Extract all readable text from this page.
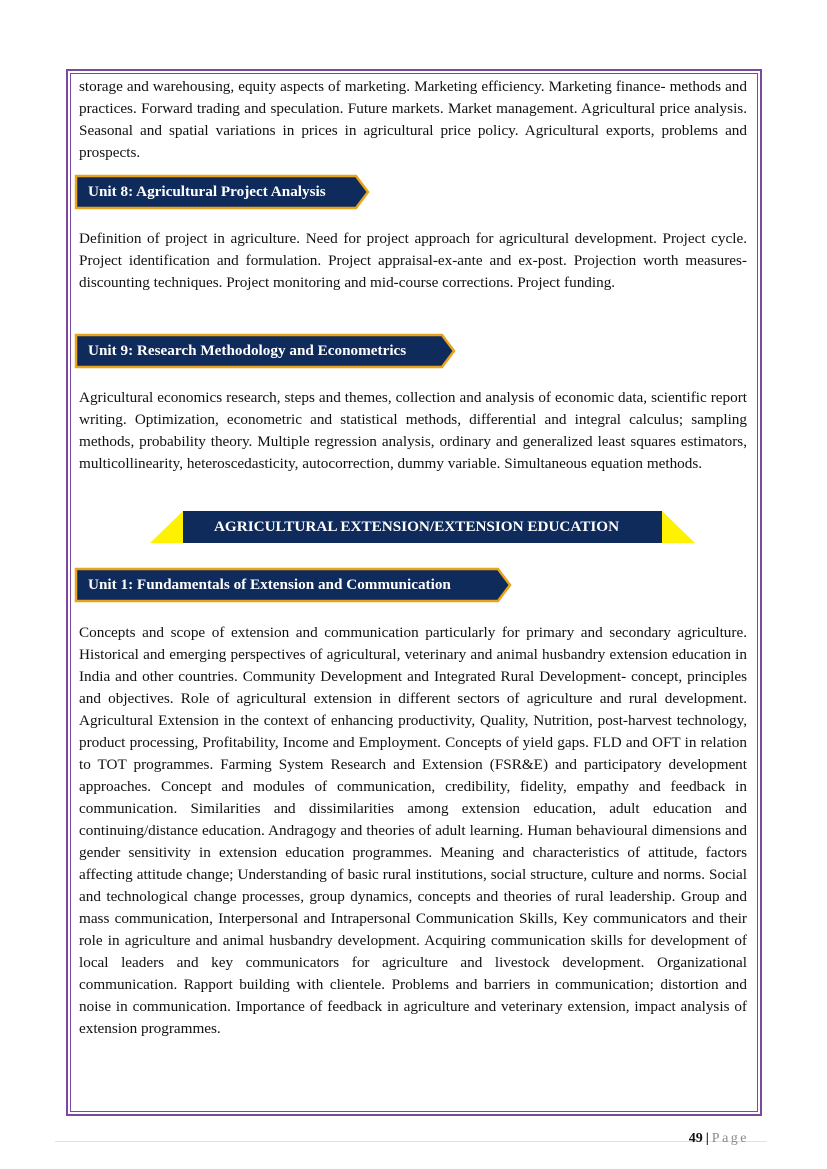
storage and warehousing, equity aspects of marketing. Marketing efficiency. Marketing finance- methods and practices. Forward trading and speculation. Future markets. Market management. Agricultural price analysis. Seasonal and spatial variations in prices in agricultural price policy. Agricultural exports, problems and prospects.

Unit 8: Agricultural Project Analysis

Definition of project in agriculture. Need for project approach for agricultural development. Project cycle. Project identification and formulation. Project appraisal-ex-ante and ex-post. Projection worth measures-discounting techniques. Project monitoring and mid-course corrections. Project funding.

Unit 9: Research Methodology and Econometrics

Agricultural economics research, steps and themes, collection and analysis of economic data, scientific report writing. Optimization, econometric and statistical methods, differential and integral calculus; sampling methods, probability theory. Multiple regression analysis, ordinary and generalized least squares estimators, multicollinearity, heteroscedasticity, autocorrection, dummy variable. Simultaneous equation methods.

AGRICULTURAL EXTENSION/EXTENSION EDUCATION
Unit 1: Fundamentals of Extension and Communication

Concepts and scope of extension and communication particularly for primary and secondary agriculture. Historical and emerging perspectives of agricultural, veterinary and animal husbandry extension education in India and other countries. Community Development and Integrated Rural Development- concept, principles and objectives. Role of agricultural extension in different sectors of agriculture and rural development. Agricultural Extension in the context of enhancing productivity, Quality, Nutrition, post-harvest technology, product processing, Profitability, Income and Employment. Concepts of yield gaps. FLD and OFT in relation to TOT programmes. Farming System Research and Extension (FSR&E) and participatory development approaches. Concept and modules of communication, credibility, fidelity, empathy and feedback in communication. Similarities and dissimilarities among extension education, adult education and continuing/distance education. Andragogy and theories of adult learning. Human behavioural dimensions and gender sensitivity in extension education programmes. Meaning and characteristics of attitude, factors affecting attitude change; Understanding of basic rural institutions, social structure, culture and norms. Social and technological change processes, group dynamics, concepts and theories of rural leadership. Group and mass communication, Interpersonal and Intrapersonal Communication Skills, Key communicators and their role in agriculture and animal husbandry development. Acquiring communication skills for development of local leaders and key communicators for agriculture and livestock development. Organizational communication. Rapport building with clientele. Problems and barriers in communication; distortion and noise in communication. Importance of feedback in agriculture and veterinary extension, impact analysis of extension programmes.

49 | Page
